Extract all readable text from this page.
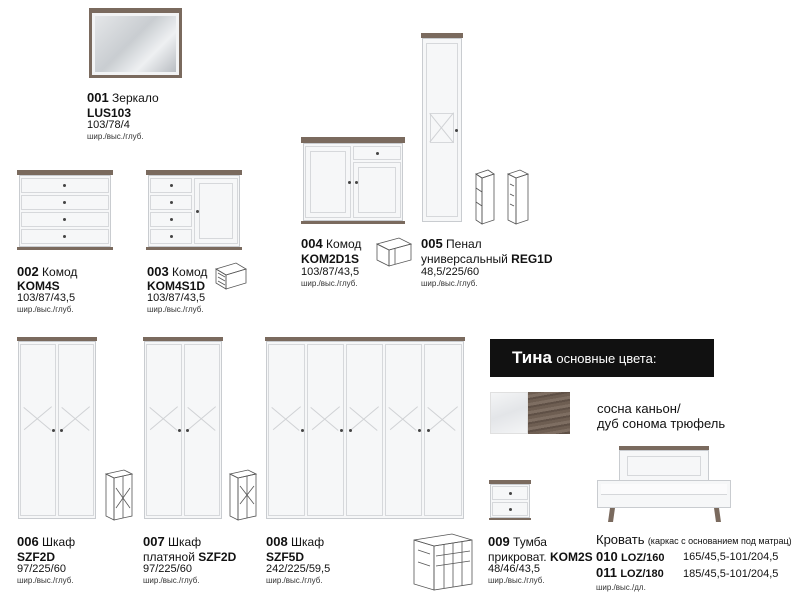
001 Зеркало
LUS103
103/78/4
шир./выс./глуб.
002 Комод
KOM4S
103/87/43,5
шир./выс./глуб.
003 Комод
KOM4S1D
103/87/43,5
шир./выс./глуб.
004 Комод
KOM2D1S
103/87/43,5
шир./выс./глуб.
005 Пенал
универсальный REG1D
48,5/225/60
шир./выс./глуб.
006 Шкаф
SZF2D
97/225/60
шир./выс./глуб.
007 Шкаф
платяной SZF2D
97/225/60
шир./выс./глуб.
008 Шкаф
SZF5D
242/225/59,5
шир./выс./глуб.
Тина основные цвета:
сосна каньон/
дуб сонома трюфель
009 Тумба
прикроват. KOM2S
48/46/43,5
шир./выс./глуб.
Кровать (каркас с основанием под матрац)
010 LOZ/160 165/45,5-101/204,5
011 LOZ/180 185/45,5-101/204,5
шир./выс./дл.
